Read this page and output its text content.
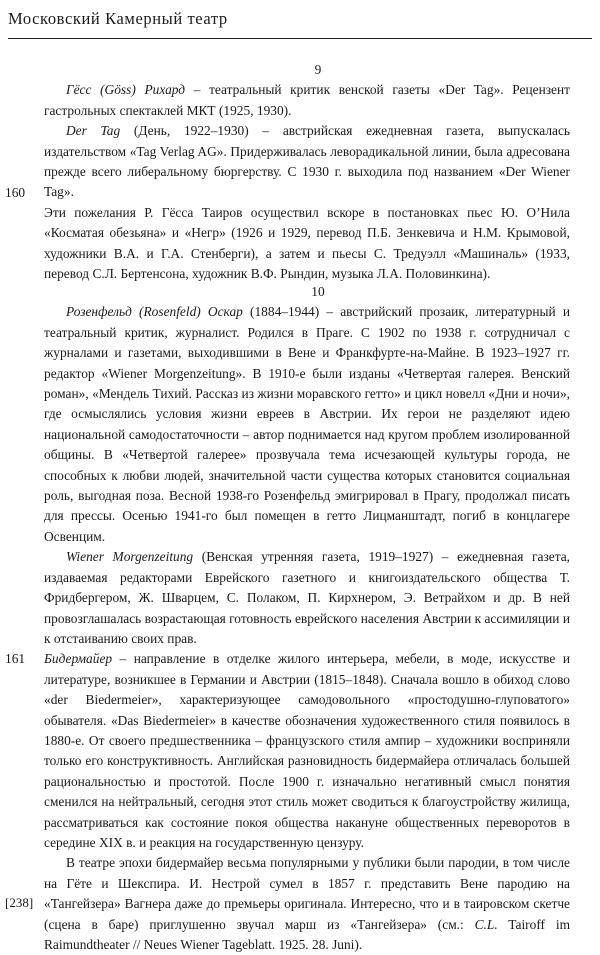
Московский Камерный театр

9

Гёсс (Göss) Рихард – театральный критик венской газеты «Der Tag». Рецензент гастрольных спектаклей МКТ (1925, 1930).

Der Tag (День, 1922–1930) – австрийская ежедневная газета, выпускалась издательством «Tag Verlag AG». Придерживалась леворадикальной линии, была адресована прежде всего либеральному бюргерству. С 1930 г. выходила под названием «Der Wiener Tag».

Эти пожелания Р. Гёсса Таиров осуществил вскоре в постановках пьес Ю. О’Нила «Косматая обезьяна» и «Негр» (1926 и 1929, перевод П.Б. Зенкевича и Н.М. Крымовой, художники В.А. и Г.А. Стенберги), а затем и пьесы С. Тредуэлл «Машиналь» (1933, перевод С.Л. Бертенсона, художник В.Ф. Рындин, музыка Л.А. Половинкина).

160

10

Розенфельд (Rosenfeld) Оскар (1884–1944) – австрийский прозаик, литературный и театральный критик, журналист. Родился в Праге. С 1902 по 1938 г. сотрудничал с журналами и газетами, выходившими в Вене и Франкфурте-на-Майне. В 1923–1927 гг. редактор «Wiener Morgenzeitung». В 1910-е были изданы «Четвертая галерея. Венский роман», «Мендель Тихий. Рассказ из жизни моравского гетто» и цикл новелл «Дни и ночи», где осмыслялись условия жизни евреев в Австрии. Их герои не разделяют идею национальной самодостаточности – автор поднимается над кругом проблем изолированной общины. В «Четвертой галерее» прозвучала тема исчезающей культуры города, не способных к любви людей, значительной части существа которых становится социальная роль, выгодная поза. Весной 1938-го Розенфельд эмигрировал в Прагу, продолжал писать для прессы. Осенью 1941-го был помещен в гетто Лицманштадт, погиб в концлагере Освенцим.

Wiener Morgenzeitung (Венская утренняя газета, 1919–1927) – ежедневная газета, издаваемая редакторами Еврейского газетного и книгоиздательского общества Т. Фридбергером, Ж. Шварцем, С. Полаком, П. Кирхнером, Э. Ветрайхом и др. В ней провозглашалась возрастающая готовность еврейского населения Австрии к ассимиляции и к отстаиванию своих прав.

Бидермайер – направление в отделке жилого интерьера, мебели, в моде, искусстве и литературе, возникшее в Германии и Австрии (1815–1848). Сначала вошло в обиход слово «der Biedermeier», характеризующее самодовольного «простодушно-глуповатого» обывателя. «Das Biedermeier» в качестве обозначения художественного стиля появилось в 1880-е. От своего предшественника – французского стиля ампир – художники восприняли только его конструктивность. Английская разновидность бидермайера отличалась большей рациональностью и простотой. После 1900 г. изначально негативный смысл понятия сменился на нейтральный, сегодня этот стиль может сводиться к благоустройству жилища, рассматриваться как состояние покоя общества накануне общественных переворотов в середине XIX в. и реакция на государственную цензуру.

В театре эпохи бидермайер весьма популярными у публики были пародии, в том числе на Гёте и Шекспира. И. Нестрой сумел в 1857 г. представить Вене пародию на «Тангейзера» Вагнера даже до премьеры оригинала. Интересно, что и в таировском скетче (сцена в баре) приглушенно звучал марш из «Тангейзера» (см.: C.L. Tairoff im Raimundtheater // Neues Wiener Tageblatt. 1925. 28. Juni).

161
[238]
